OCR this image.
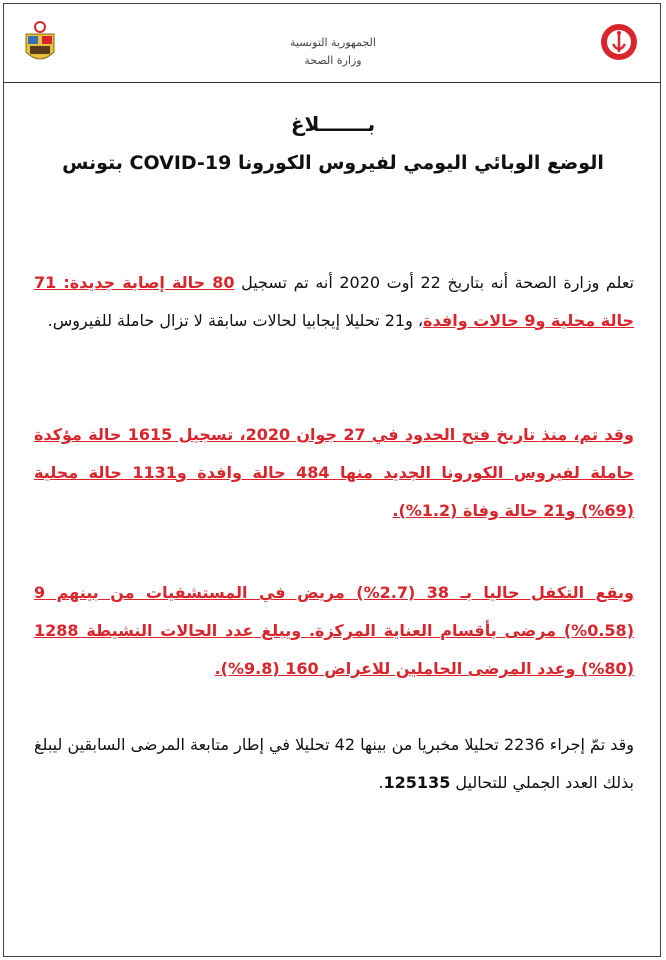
الجمهورية التونسية
وزارة الصحة
بـــــــلاغ
الوضع الوبائي اليومي لفيروس الكورونا COVID-19 بتونس
تعلم وزارة الصحة أنه بتاريخ 22 أوت 2020 أنه تم تسجيل 80 حالة إصابة جديدة: 71 حالة محلية و9 حالات وافدة، و21 تحليلا إيجابيا لحالات سابقة لا تزال حاملة للفيروس.
وقد تم، منذ تاريخ فتح الحدود في 27 جوان 2020، تسجيل 1615 حالة مؤكدة حاملة لفيروس الكورونا الجديد منها 484 حالة وافدة و1131 حالة محلية (69%) و21 حالة وفاة (1.2%).
ويقع التكفل حاليا بـ 38 (2.7%) مريض في المستشفيات من بينهم 9 (0.58%) مرضى بأقسام العناية المركزة. ويبلغ عدد الحالات النشيطة 1288 (80%) وعدد المرضى الحاملين للاعراض 160 (9.8%).
وقد تمّ إجراء 2236 تحليلا مخبريا من بينها 42 تحليلا في إطار متابعة المرضى السابقين ليبلغ بذلك العدد الجملي للتحاليل 125135.
